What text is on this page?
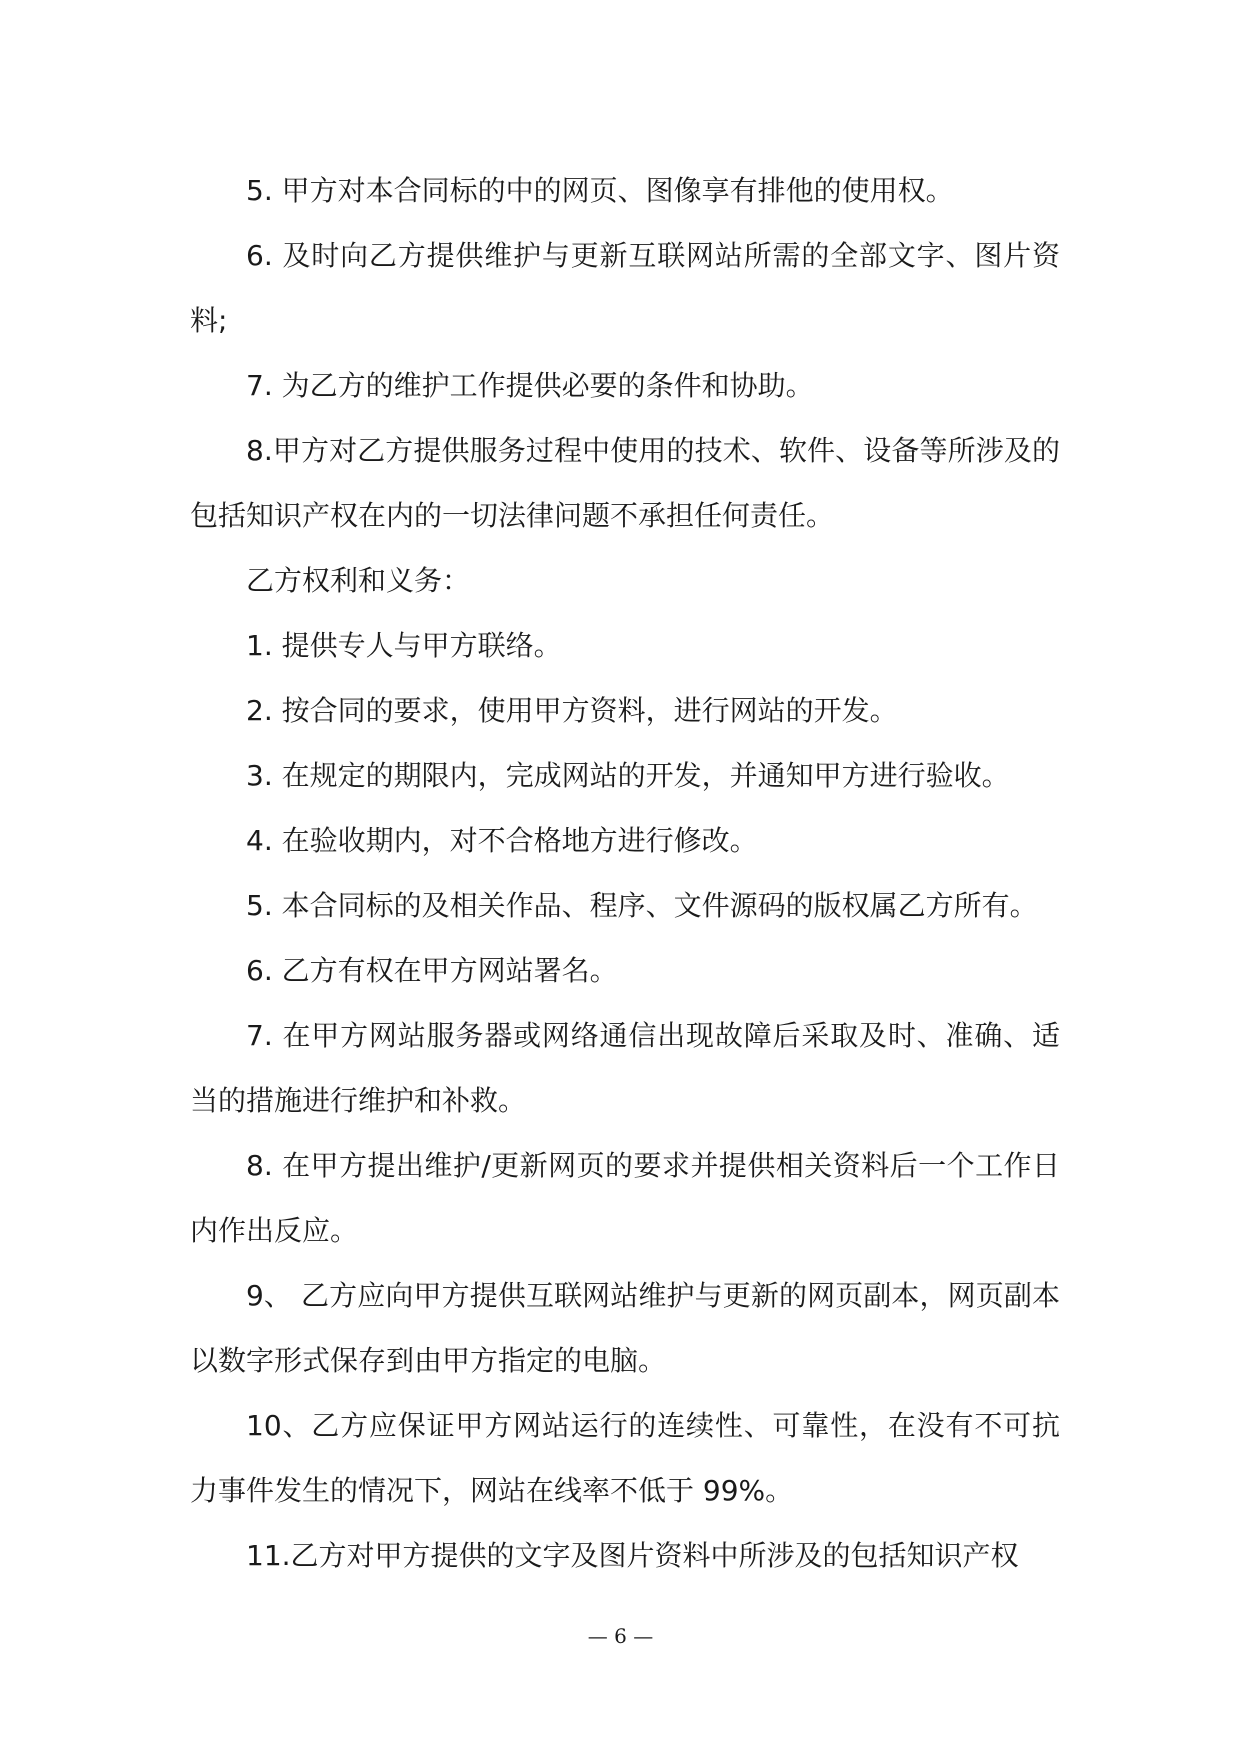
5. 甲方对本合同标的中的网页、图像享有排他的使用权。

6. 及时向乙方提供维护与更新互联网站所需的全部文字、图片资料;

7. 为乙方的维护工作提供必要的条件和协助。

8.甲方对乙方提供服务过程中使用的技术、软件、设备等所涉及的包括知识产权在内的一切法律问题不承担任何责任。

乙方权利和义务：

1. 提供专人与甲方联络。

2. 按合同的要求，使用甲方资料，进行网站的开发。

3. 在规定的期限内，完成网站的开发，并通知甲方进行验收。

4. 在验收期内，对不合格地方进行修改。

5. 本合同标的及相关作品、程序、文件源码的版权属乙方所有。

6. 乙方有权在甲方网站署名。

7. 在甲方网站服务器或网络通信出现故障后采取及时、准确、适当的措施进行维护和补救。

8. 在甲方提出维护/更新网页的要求并提供相关资料后一个工作日内作出反应。

9、 乙方应向甲方提供互联网站维护与更新的网页副本，网页副本以数字形式保存到由甲方指定的电脑。

10、乙方应保证甲方网站运行的连续性、可靠性，在没有不可抗力事件发生的情况下，网站在线率不低于 99%。

11.乙方对甲方提供的文字及图片资料中所涉及的包括知识产权

— 6 —
